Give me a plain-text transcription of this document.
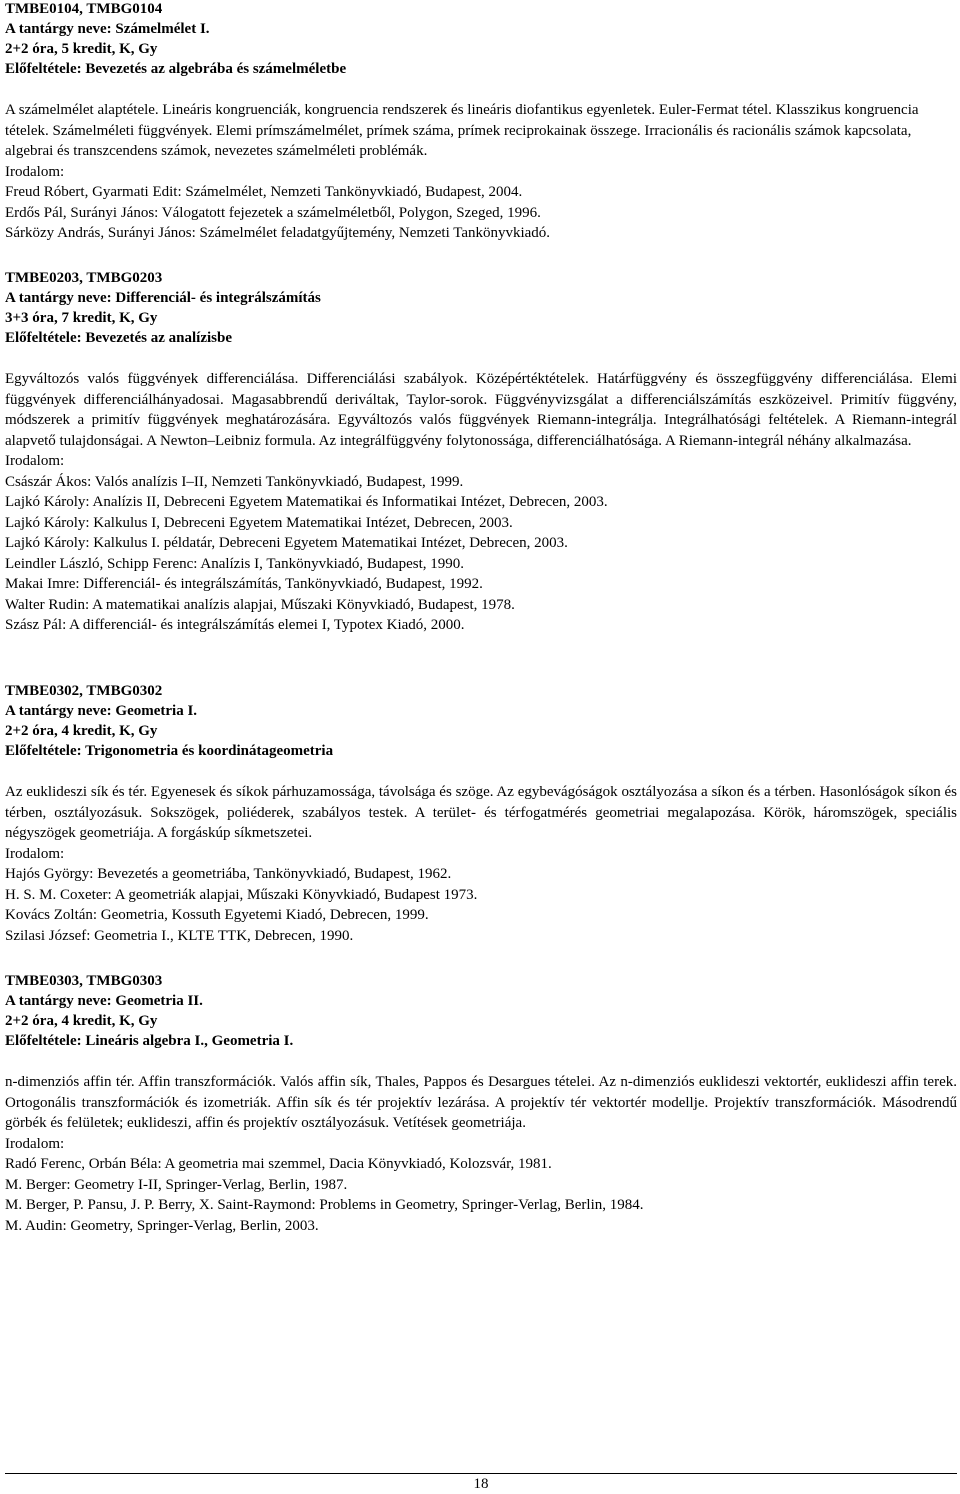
TMBE0104, TMBG0104
A tantárgy neve: Számelmélet I.
2+2 óra, 5 kredit, K, Gy
Előfeltétele: Bevezetés az algebrába és számelméletbe

A számelmélet alaptétele. Lineáris kongruenciák, kongruencia rendszerek és lineáris diofantikus egyenletek. Euler-Fermat tétel. Klasszikus kongruencia tételek. Számelméleti függvények. Elemi prímszámelmélet, prímek száma, prímek reciprokainak összege. Irracionális és racionális számok kapcsolata, algebrai és transzcendens számok, nevezetes számelméleti problémák.

Irodalom:
Freud Róbert, Gyarmati Edit: Számelmélet, Nemzeti Tankönyvkiadó, Budapest, 2004.
Erdős Pál, Surányi János: Válogatott fejezetek a számelméletből, Polygon, Szeged, 1996.
Sárközy András, Surányi János: Számelmélet feladatgyűjtemény, Nemzeti Tankönyvkiadó.
TMBE0203, TMBG0203
A tantárgy neve: Differenciál- és integrálszámítás
3+3 óra, 7 kredit, K, Gy
Előfeltétele: Bevezetés az analízisbe

Egyváltozós valós függvények differenciálása. Differenciálási szabályok. Középértéktételek. Határfüggvény és összegfüggvény differenciálása. Elemi függvények differenciálhányadosai. Magasabbrendű deriváltak, Taylor-sorok. Függvényvizsgálat a differenciálszámítás eszközeivel. Primitív függvény, módszerek a primitív függvények meghatározására. Egyváltozós valós függvények Riemann-integrálja. Integrálhatósági feltételek. A Riemann-integrál alapvető tulajdonságai. A Newton–Leibniz formula. Az integrálfüggvény folytonossága, differenciálhatósága. A Riemann-integrál néhány alkalmazása.

Irodalom:
Császár Ákos: Valós analízis I–II, Nemzeti Tankönyvkiadó, Budapest, 1999.
Lajkó Károly: Analízis II, Debreceni Egyetem Matematikai és Informatikai Intézet, Debrecen, 2003.
Lajkó Károly: Kalkulus I, Debreceni Egyetem Matematikai Intézet, Debrecen, 2003.
Lajkó Károly: Kalkulus I. példatár, Debreceni Egyetem Matematikai Intézet, Debrecen, 2003.
Leindler László, Schipp Ferenc: Analízis I, Tankönyvkiadó, Budapest, 1990.
Makai Imre: Differenciál- és integrálszámítás, Tankönyvkiadó, Budapest, 1992.
Walter Rudin: A matematikai analízis alapjai, Műszaki Könyvkiadó, Budapest, 1978.
Szász Pál: A differenciál- és integrálszámítás elemei I, Typotex Kiadó, 2000.
TMBE0302, TMBG0302
A tantárgy neve: Geometria I.
2+2 óra, 4 kredit, K, Gy
Előfeltétele: Trigonometria és koordinátageometria

Az euklideszi sík és tér. Egyenesek és síkok párhuzamossága, távolsága és szöge. Az egybevágóságok osztályozása a síkon és a térben. Hasonlóságok síkon és térben, osztályozásuk. Sokszögek, poliéderek, szabályos testek. A terület- és térfogatmérés geometriai megalapozása. Körök, háromszögek, speciális négyszögek geometriája. A forgáskúp síkmetszetei.

Irodalom:
Hajós György: Bevezetés a geometriába, Tankönyvkiadó, Budapest, 1962.
H. S. M. Coxeter: A geometriák alapjai, Műszaki Könyvkiadó, Budapest 1973.
Kovács Zoltán: Geometria, Kossuth Egyetemi Kiadó, Debrecen, 1999.
Szilasi József: Geometria I., KLTE TTK, Debrecen, 1990.
TMBE0303, TMBG0303
A tantárgy neve: Geometria II.
2+2 óra, 4 kredit, K, Gy
Előfeltétele: Lineáris algebra I., Geometria I.

n-dimenziós affin tér. Affin transzformációk. Valós affin sík, Thales, Pappos és Desargues tételei. Az n-dimenziós euklideszi vektortér, euklideszi affin terek. Ortogonális transzformációk és izometriák. Affin sík és tér projektív lezárása. A projektív tér vektortér modellje. Projektív transzformációk. Másodrendű görbék és felületek; euklideszi, affin és projektív osztályozásuk. Vetítések geometriája.

Irodalom:
Radó Ferenc, Orbán Béla: A geometria mai szemmel, Dacia Könyvkiadó, Kolozsvár, 1981.
M. Berger: Geometry I-II, Springer-Verlag, Berlin, 1987.
M. Berger, P. Pansu, J. P. Berry, X. Saint-Raymond: Problems in Geometry, Springer-Verlag, Berlin, 1984.
M. Audin: Geometry, Springer-Verlag, Berlin, 2003.
18
